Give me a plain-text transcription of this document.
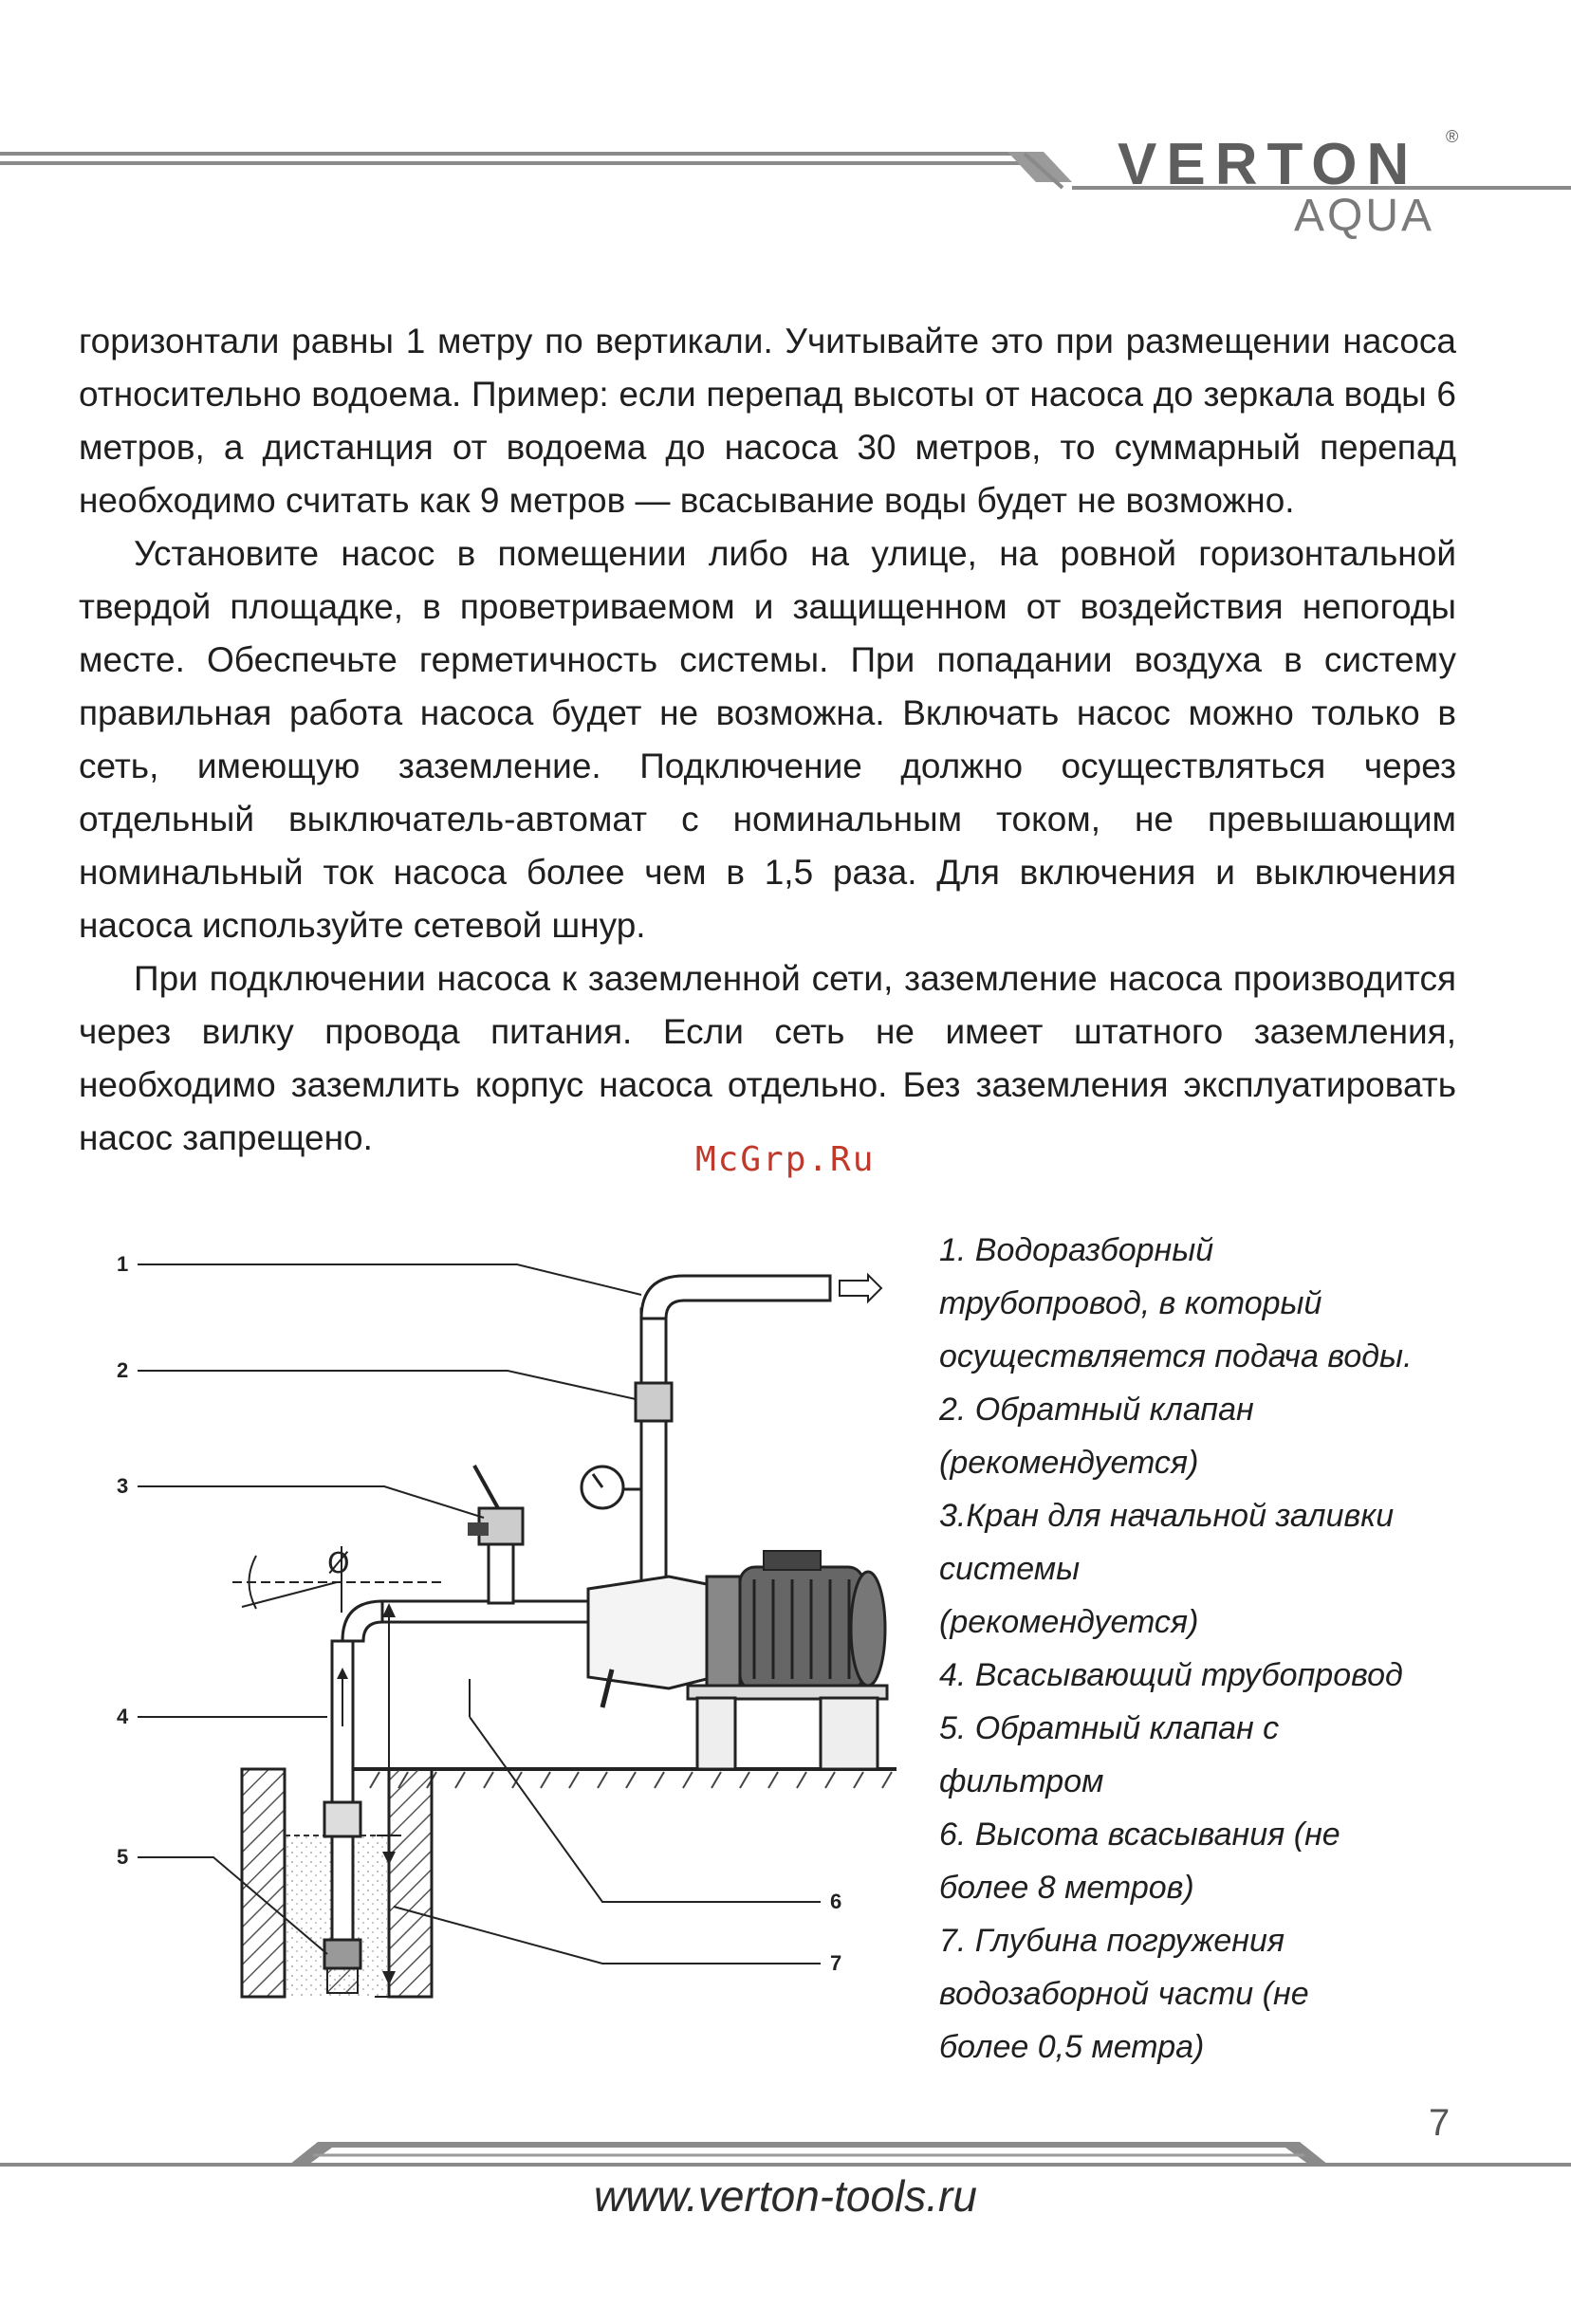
VERTON ®
AQUA

горизонтали равны 1 метру по вертикали. Учитывайте это при размещении насоса относительно водоема. Пример: если перепад высоты от насоса до зеркала воды 6 метров, а дистанция от водоема до насоса 30 метров, то суммарный перепад необходимо считать как 9 метров — всасывание воды будет не возможно.

Установите насос в помещении либо на улице, на ровной горизонтальной твердой площадке, в проветриваемом и защищенном от воздействия непогоды месте. Обеспечьте герметичность системы. При попадании воздуха в систему правильная работа насоса будет не возможна. Включать насос можно только в сеть, имеющую заземление. Подключение должно осуществляться через отдельный выключатель-автомат с номинальным током, не превышающим номинальный ток насоса более чем в 1,5 раза. Для включения и выключения насоса используйте сетевой шнур.

При подключении насоса к заземленной сети, заземление насоса производится через вилку провода питания. Если сеть не имеет штатного заземления, необходимо заземлить корпус насоса отдельно. Без заземления эксплуатировать насос запрещено.

McGrp.Ru
Ø
1
2
3
4
5
6
7
1. Водоразборный
трубопровод, в который
осуществляется подача воды.
2. Обратный клапан
(рекомендуется)
3.Кран для начальной заливки
системы
(рекомендуется)
4. Всасывающий трубопровод
5. Обратный клапан с
фильтром
6. Высота всасывания (не
более 8 метров)
7. Глубина погружения
водозаборной части (не
более 0,5 метра)
7
www.verton-tools.ru
